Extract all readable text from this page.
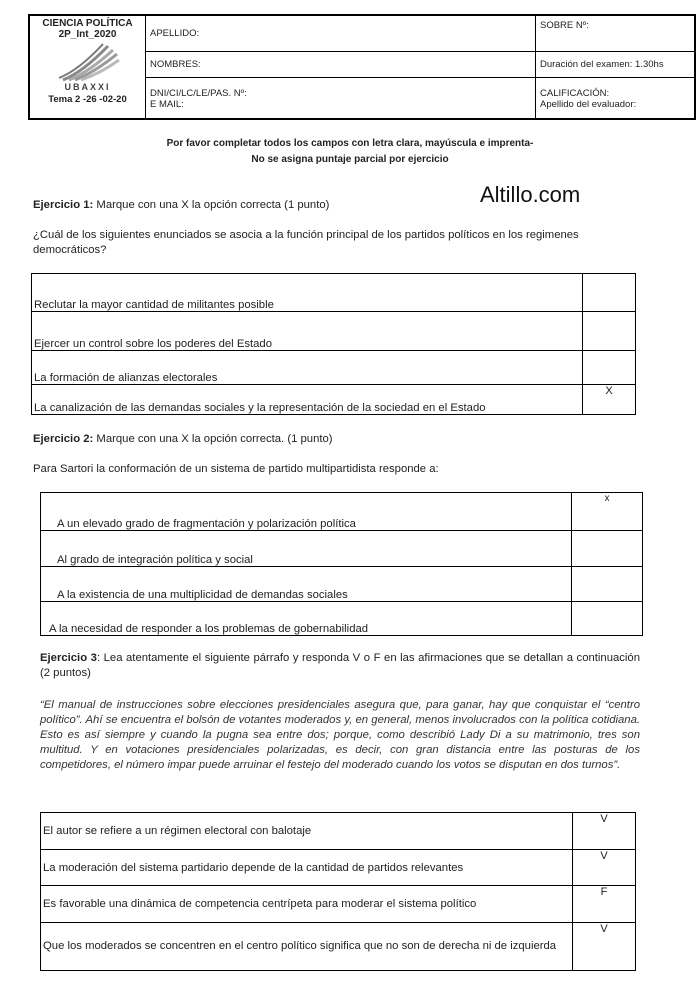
CIENCIA POLÍTICA
2P_Int_2020
UBAXXI
Tema 2 -26 -02-20
APELLIDO:
NOMBRES:
DNI/CI/LC/LE/PAS. Nº:
E MAIL:
SOBRE Nº:
Duración del examen: 1.30hs
CALIFICACIÓN:
Apellido del evaluador:
Por favor completar todos los campos con letra clara, mayúscula e imprenta-
No se asigna puntaje parcial por ejercicio
Altillo.com
Ejercicio 1: Marque con una X la opción correcta (1 punto)
¿Cuál de los siguientes enunciados se asocia a la función principal de los partidos políticos en los regimenes democráticos?
Reclutar la mayor cantidad de militantes posible	
Ejercer un control sobre los poderes del Estado	
La formación de alianzas electorales	
La canalización de las demandas sociales y la representación de la sociedad en el Estado	X
Ejercicio 2: Marque con una X la opción correcta. (1 punto)
Para Sartori la conformación de un sistema de partido multipartidista responde a:
A un elevado grado de fragmentación y polarización política	x
Al grado de integración política y social	
A la existencia de una multiplicidad de demandas sociales	
A la necesidad de responder a los problemas de gobernabilidad	
Ejercicio 3: Lea atentamente el siguiente párrafo y responda V o F en las afirmaciones que se detallan a continuación (2 puntos)
“El manual de instrucciones sobre elecciones presidenciales asegura que, para ganar, hay que conquistar el “centro político”. Ahí se encuentra el bolsón de votantes moderados y, en general, menos involucrados con la política cotidiana. Esto es así siempre y cuando la pugna sea entre dos; porque, como describió Lady Di a su matrimonio, tres son multitud. Y en votaciones presidenciales polarizadas, es decir, con gran distancia entre las posturas de los competidores, el número impar puede arruinar el festejo del moderado cuando los votos se disputan en dos turnos”.
El autor se refiere a un régimen electoral con balotaje	V
La moderación del sistema partidario depende de la cantidad de partidos relevantes	V
Es favorable una dinámica de competencia centrípeta para moderar el sistema político	F
Que los moderados se concentren en el centro político significa que no son de derecha ni de izquierda	V
